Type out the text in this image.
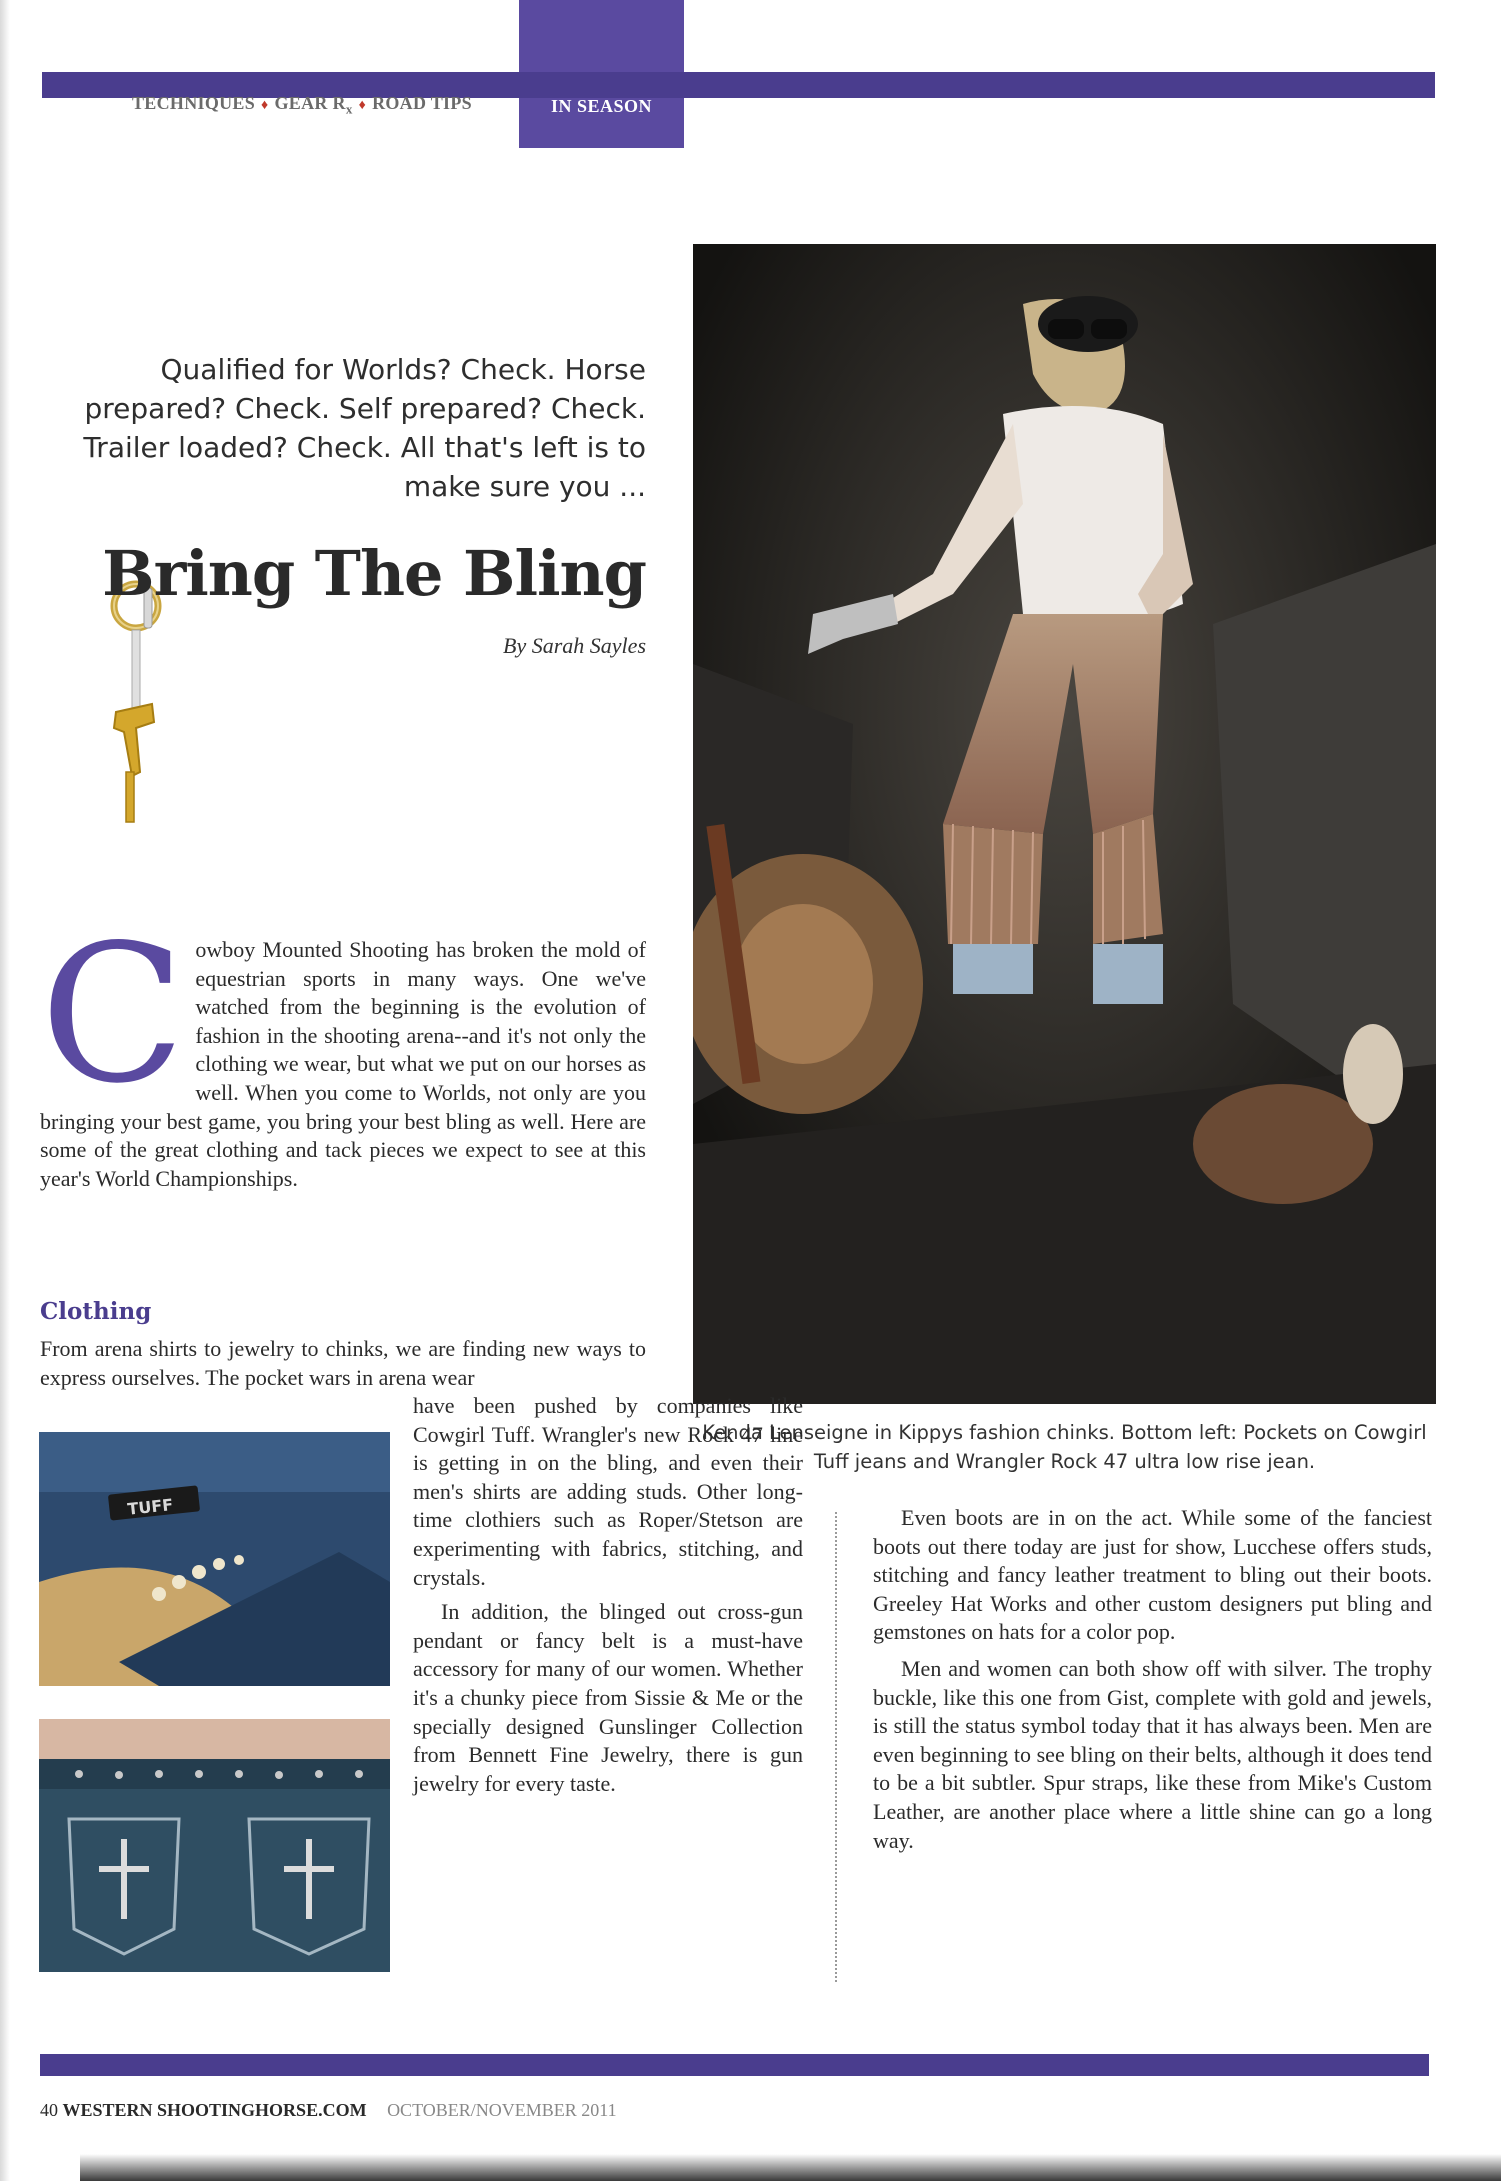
IN SEASON
TECHNIQUES ♦ GEAR $R_x$ ♦ ROAD TIPS
Qualified for Worlds? Check. Horse prepared? Check. Self prepared? Check. Trailer loaded? Check. All that's left is to make sure you ...
Bring The Bling
By Sarah Sayles
Kenda Lenseigne in Kippys fashion chinks. Bottom left: Pockets on Cowgirl Tuff jeans and Wrangler Rock 47 ultra low rise jean.
Cowboy Mounted Shooting has broken the mold of equestrian sports in many ways. One we've watched from the beginning is the evolution of fashion in the shooting arena--and it's not only the clothing we wear, but what we put on our horses as well. When you come to Worlds, not only are you bringing your best game, you bring your best bling as well. Here are some of the great clothing and tack pieces we expect to see at this year's World Championships.
Clothing
From arena shirts to jewelry to chinks, we are finding new ways to express ourselves. The pocket wars in arena wear
TUFF

have been pushed by companies like Cowgirl Tuff. Wrangler's new Rock 47 line is getting in on the bling, and even their men's shirts are adding studs. Other long-time clothiers such as Roper/Stetson are experimenting with fabrics, stitching, and crystals.

In addition, the blinged out cross-gun pendant or fancy belt is a must-have accessory for many of our women. Whether it's a chunky piece from Sissie & Me or the specially designed Gunslinger Collection from Bennett Fine Jewelry, there is gun jewelry for every taste.

Even boots are in on the act. While some of the fanciest boots out there today are just for show, Lucchese offers studs, stitching and fancy leather treatment to bling out their boots. Greeley Hat Works and other custom designers put bling and gemstones on hats for a color pop.

Men and women can both show off with silver. The trophy buckle, like this one from Gist, complete with gold and jewels, is still the status symbol today that it has always been. Men are even beginning to see bling on their belts, although it does tend to be a bit subtler. Spur straps, like these from Mike's Custom Leather, are another place where a little shine can go a long way.

40 WESTERN SHOOTINGHORSE.COM OCTOBER/NOVEMBER 2011
